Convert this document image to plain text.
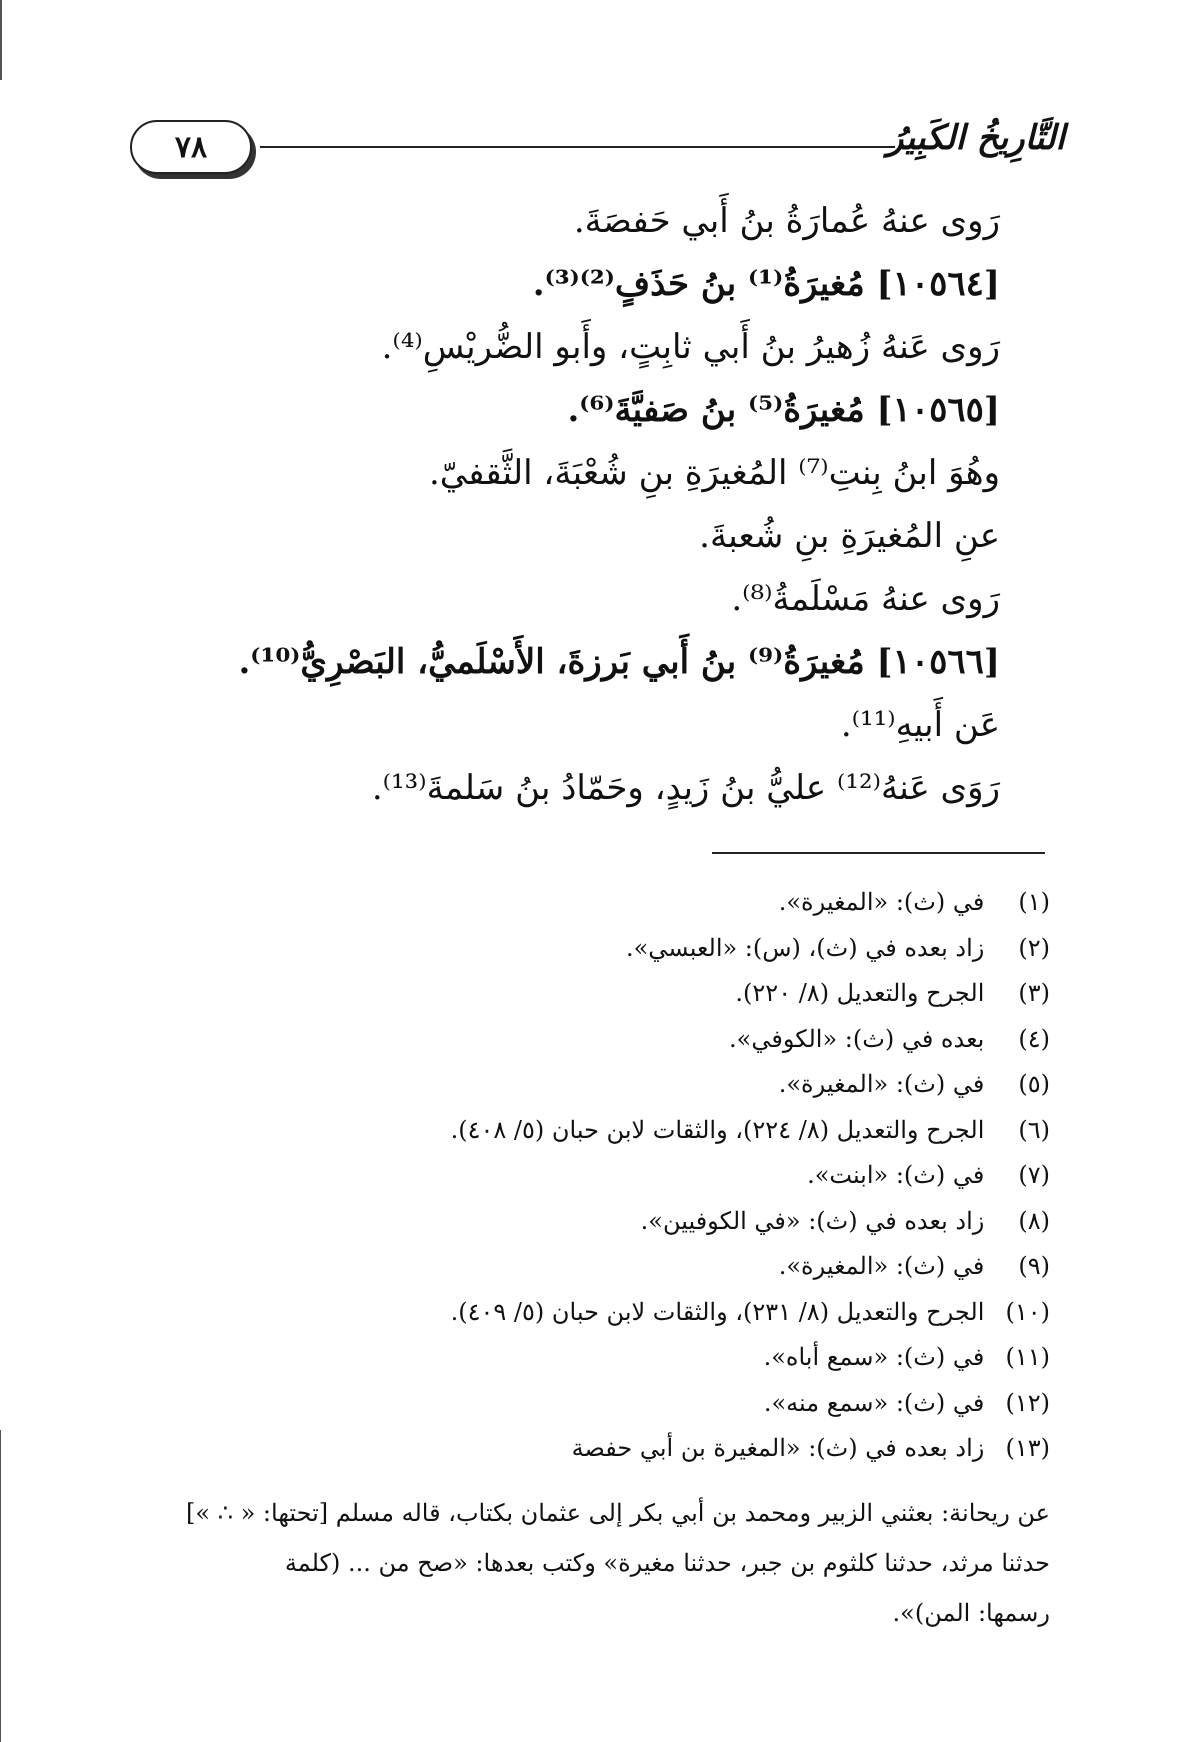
٧٨	التَّارِيخُ الكَبِيرُ
رَوى عنهُ عُمارَةُ بنُ أَبي حَفصَةَ.
[١٠٥٦٤] مُغيرَةُ⁽¹⁾ بنُ حَذَفٍ⁽²⁾⁽³⁾.
رَوى عَنهُ زُهيرُ بنُ أَبي ثابِتٍ، وأَبو الضُّريْسِ⁽⁴⁾.
[١٠٥٦٥] مُغيرَةُ⁽⁵⁾ بنُ صَفيَّةَ⁽⁶⁾.
وهُوَ ابنُ بِنتِ⁽⁷⁾ المُغيرَةِ بنِ شُعْبَةَ، الثَّقفيّ.
عنِ المُغيرَةِ بنِ شُعبةَ.
رَوى عنهُ مَسْلَمةُ⁽⁸⁾.
[١٠٥٦٦] مُغيرَةُ⁽⁹⁾ بنُ أَبي بَرزةَ، الأَسْلَميُّ، البَصْرِيُّ⁽¹⁰⁾.
عَن أَبيهِ⁽¹¹⁾.
رَوَى عَنهُ⁽¹²⁾ عليُّ بنُ زَيدٍ، وحَمّادُ بنُ سَلمةَ⁽¹³⁾.
(١) في (ث): «المغيرة».
(٢) زاد بعده في (ث)، (س): «العبسي».
(٣) الجرح والتعديل (٨/ ٢٢٠).
(٤) بعده في (ث): «الكوفي».
(٥) في (ث): «المغيرة».
(٦) الجرح والتعديل (٨/ ٢٢٤)، والثقات لابن حبان (٥/ ٤٠٨).
(٧) في (ث): «ابنت».
(٨) زاد بعده في (ث): «في الكوفيين».
(٩) في (ث): «المغيرة».
(١٠) الجرح والتعديل (٨/ ٢٣١)، والثقات لابن حبان (٥/ ٤٠٩).
(١١) في (ث): «سمع أباه».
(١٢) في (ث): «سمع منه».
(١٣) زاد بعده في (ث): «المغيرة بن أبي حفصة
عن ريحانة: بعثني الزبير ومحمد بن أبي بكر إلى عثمان بكتاب، قاله مسلم [تحتها: « ∴ »]
حدثنا مرثد، حدثنا كلثوم بن جبر، حدثنا مغيرة» وكتب بعدها: «صح من ... (كلمة
رسمها: المن)».
